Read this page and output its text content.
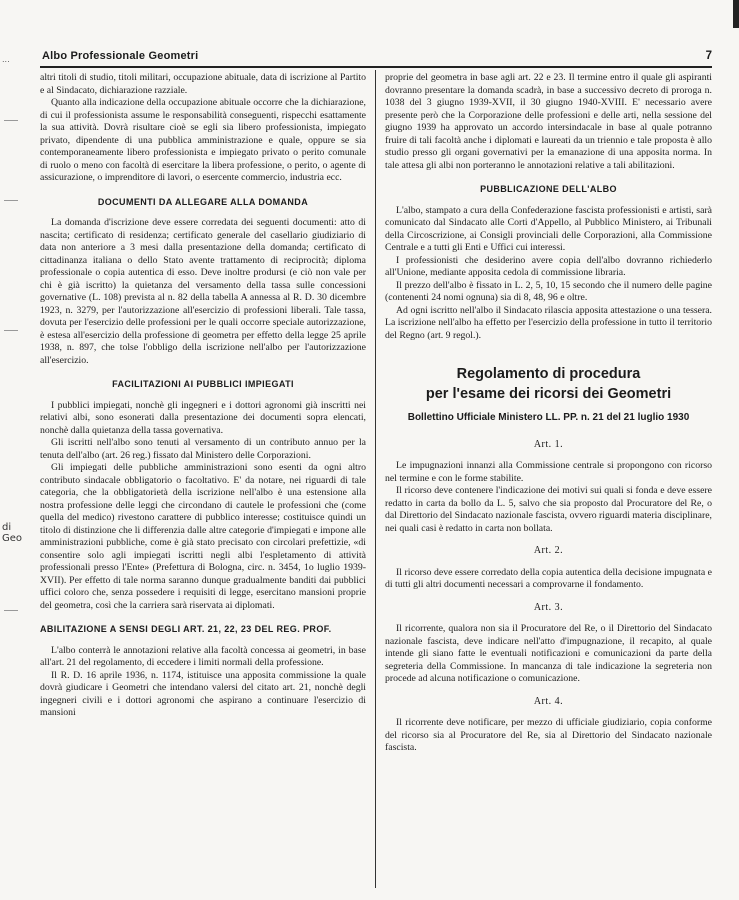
...
di Geo
Albo Professionale Geometri	7

altri titoli di studio, titoli militari, occupazione abituale, data di iscrizione al Partito e al Sindacato, dichiarazione razziale.

Quanto alla indicazione della occupazione abituale occorre che la dichiarazione, di cui il professionista assume le responsabilità conseguenti, rispecchi esattamente la sua attività. Dovrà risultare cioè se egli sia libero professionista, impiegato privato, dipendente di una pubblica amministrazione e quale, oppure se sia contemporaneamente libero professionista e impiegato privato o perito comunale di ruolo o meno con facoltà di esercitare la libera professione, o perito, o agente di assicurazione, o imprenditore di lavori, o esercente commercio, industria ecc.

DOCUMENTI DA ALLEGARE ALLA DOMANDA

La domanda d'iscrizione deve essere corredata dei seguenti documenti: atto di nascita; certificato di residenza; certificato generale del casellario giudiziario di data non anteriore a 3 mesi dalla presentazione della domanda; certificato di cittadinanza italiana o dello Stato avente trattamento di reciprocità; diploma professionale o copia autentica di esso. Deve inoltre prodursi (e ciò non vale per chi è già iscritto) la quietanza del versamento della tassa sulle concessioni governative (L. 108) prevista al n. 82 della tabella A annessa al R. D. 30 dicembre 1923, n. 3279, per l'autorizzazione all'esercizio di professioni liberali. Tale tassa, dovuta per l'esercizio delle professioni per le quali occorre speciale autorizzazione, è estesa all'esercizio della professione di geometra per effetto della legge 25 aprile 1938, n. 897, che tolse l'obbligo della iscrizione nell'albo per l'autorizzazione all'esercizio.

FACILITAZIONI AI PUBBLICI IMPIEGATI

I pubblici impiegati, nonchè gli ingegneri e i dottori agronomi già inscritti nei relativi albi, sono esonerati dalla presentazione dei documenti sopra elencati, nonchè dalla quietanza della tassa governativa.

Gli iscritti nell'albo sono tenuti al versamento di un contributo annuo per la tenuta dell'albo (art. 26 reg.) fissato dal Ministero delle Corporazioni.

Gli impiegati delle pubbliche amministrazioni sono esenti da ogni altro contributo sindacale obbligatorio o facoltativo. E' da notare, nei riguardi di tale categoria, che la obbligatorietà della iscrizione nell'albo è una estensione alla nostra professione delle leggi che circondano di cautele le professioni che (come quella del medico) rivestono carattere di pubblico interesse; costituisce quindi un titolo di distinzione che li differenzia dalle altre categorie d'impiegati e impone alle amministrazioni pubbliche, come è già stato precisato con circolari prefettizie, «di consentire solo agli impiegati iscritti negli albi l'espletamento di attività professionali presso l'Ente» (Prefettura di Bologna, circ. n. 3454, 1o luglio 1939-XVII). Per effetto di tale norma saranno dunque gradualmente banditi dai pubblici uffici coloro che, senza possedere i requisiti di legge, esercitano mansioni proprie del geometra, così che la carriera sarà riservata ai diplomati.

ABILITAZIONE A SENSI DEGLI ART. 21, 22, 23 DEL REG. PROF.

L'albo conterrà le annotazioni relative alla facoltà concessa ai geometri, in base all'art. 21 del regolamento, di eccedere i limiti normali della professione.

Il R. D. 16 aprile 1936, n. 1174, istituisce una apposita commissione la quale dovrà giudicare i Geometri che intendano valersi del citato art. 21, nonchè degli ingegneri civili e i dottori agronomi che aspirano a continuare l'esercizio di mansioni

proprie del geometra in base agli art. 22 e 23. Il termine entro il quale gli aspiranti dovranno presentare la domanda scadrà, in base a successivo decreto di proroga n. 1038 del 3 giugno 1939-XVII, il 30 giugno 1940-XVIII. E' necessario avere presente però che la Corporazione delle professioni e delle arti, nella sessione del giugno 1939 ha approvato un accordo intersindacale in base al quale potranno fruire di tali facoltà anche i diplomati e laureati da un triennio e tale proposta è allo studio presso gli organi governativi per la emanazione di una apposita norma. In tale attesa gli albi non porteranno le annotazioni relative a tali abilitazioni.

PUBBLICAZIONE DELL'ALBO

L'albo, stampato a cura della Confederazione fascista professionisti e artisti, sarà comunicato dal Sindacato alle Corti d'Appello, al Pubblico Ministero, ai Tribunali della Circoscrizione, ai Consigli provinciali delle Corporazioni, alla Commissione Centrale e a tutti gli Enti e Uffici cui interessi.

I professionisti che desiderino avere copia dell'albo dovranno richiederlo all'Unione, mediante apposita cedola di commissione libraria.

Il prezzo dell'albo è fissato in L. 2, 5, 10, 15 secondo che il numero delle pagine (contenenti 24 nomi ognuna) sia di 8, 48, 96 e oltre.

Ad ogni iscritto nell'albo il Sindacato rilascia apposita attestazione o una tessera. La iscrizione nell'albo ha effetto per l'esercizio della professione in tutto il territorio del Regno (art. 9 regol.).

Regolamento di procedura
per l'esame dei ricorsi dei Geometri
Bollettino Ufficiale Ministero LL. PP. n. 21 del 21 luglio 1930
Art. 1.

Le impugnazioni innanzi alla Commissione centrale si propongono con ricorso nel termine e con le forme stabilite.

Il ricorso deve contenere l'indicazione dei motivi sui quali si fonda e deve essere redatto in carta da bollo da L. 5, salvo che sia proposto dal Procuratore del Re, o dal Direttorio del Sindacato nazionale fascista, ovvero riguardi materia disciplinare, nei quali casi è redatto in carta non bollata.

Art. 2.

Il ricorso deve essere corredato della copia autentica della decisione impugnata e di tutti gli altri documenti necessari a comprovarne il fondamento.

Art. 3.

Il ricorrente, qualora non sia il Procuratore del Re, o il Direttorio del Sindacato nazionale fascista, deve indicare nell'atto d'impugnazione, il recapito, al quale intende gli siano fatte le eventuali notificazioni e comunicazioni da parte della segreteria della Commissione. In mancanza di tale indicazione la segreteria non procede ad alcuna notificazione o comunicazione.

Art. 4.

Il ricorrente deve notificare, per mezzo di ufficiale giudiziario, copia conforme del ricorso sia al Procuratore del Re, sia al Direttorio del Sindacato nazionale fascista.
